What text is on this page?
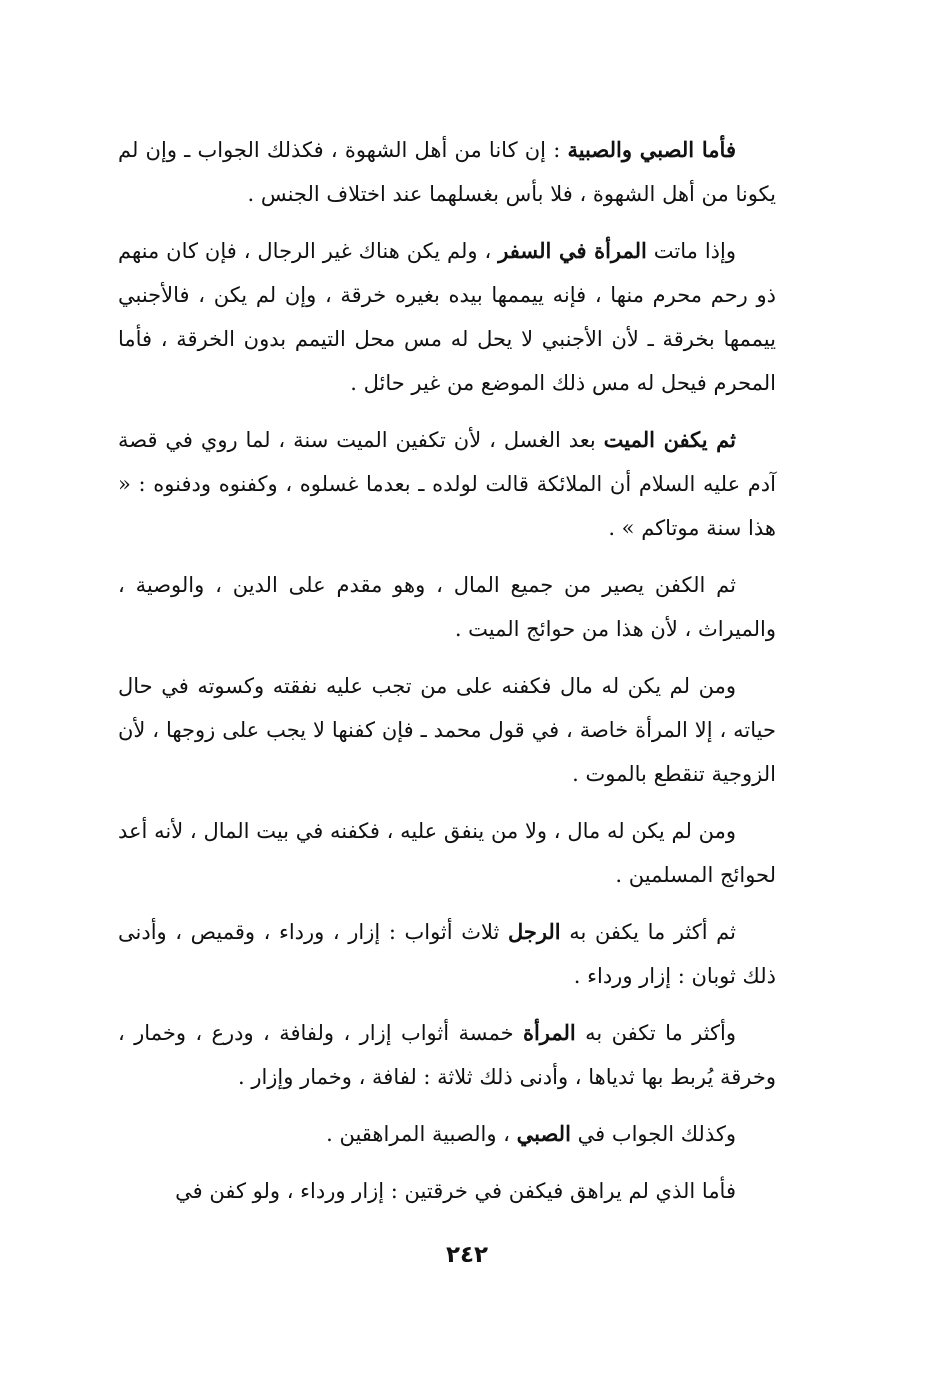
فأما الصبي والصبية : إن كانا من أهل الشهوة ، فكذلك الجواب ـ وإن لم يكونا من أهل الشهوة ، فلا بأس بغسلهما عند اختلاف الجنس .

وإذا ماتت المرأة في السفر ، ولم يكن هناك غير الرجال ، فإن كان منهم ذو رحم محرم منها ، فإنه ييممها بيده بغيره خرقة ، وإن لم يكن ، فالأجنبي ييممها بخرقة ـ لأن الأجنبي لا يحل له مس محل التيمم بدون الخرقة ، فأما المحرم فيحل له مس ذلك الموضع من غير حائل .

ثم يكفن الميت بعد الغسل ، لأن تكفين الميت سنة ، لما روي في قصة آدم عليه السلام أن الملائكة قالت لولده ـ بعدما غسلوه ، وكفنوه ودفنوه : « هذا سنة موتاكم » .

ثم الكفن يصير من جميع المال ، وهو مقدم على الدين ، والوصية ، والميراث ، لأن هذا من حوائج الميت .

ومن لم يكن له مال فكفنه على من تجب عليه نفقته وكسوته في حال حياته ، إلا المرأة خاصة ، في قول محمد ـ فإن كفنها لا يجب على زوجها ، لأن الزوجية تنقطع بالموت .

ومن لم يكن له مال ، ولا من ينفق عليه ، فكفنه في بيت المال ، لأنه أعد لحوائج المسلمين .

ثم أكثر ما يكفن به الرجل ثلاث أثواب : إزار ، ورداء ، وقميص ، وأدنى ذلك ثوبان : إزار ورداء .

وأكثر ما تكفن به المرأة خمسة أثواب إزار ، ولفافة ، ودرع ، وخمار ، وخرقة يُربط بها ثدياها ، وأدنى ذلك ثلاثة : لفافة ، وخمار وإزار .

وكذلك الجواب في الصبي ، والصبية المراهقين .

فأما الذي لم يراهق فيكفن في خرقتين : إزار ورداء ، ولو كفن في

٢٤٢
